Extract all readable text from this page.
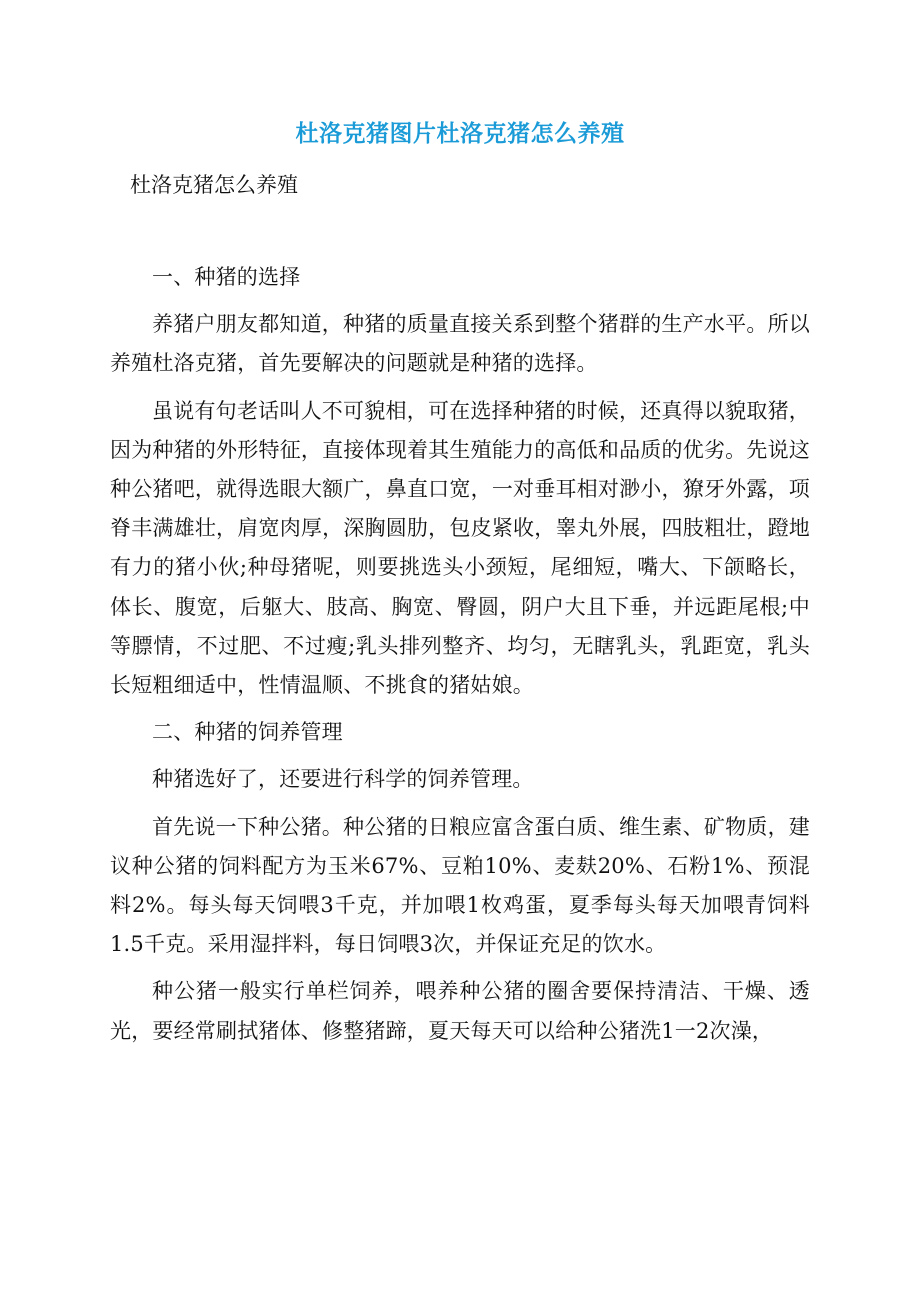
杜洛克猪图片杜洛克猪怎么养殖
杜洛克猪怎么养殖

一、种猪的选择

养猪户朋友都知道，种猪的质量直接关系到整个猪群的生产水平。所以养殖杜洛克猪，首先要解决的问题就是种猪的选择。

虽说有句老话叫人不可貌相，可在选择种猪的时候，还真得以貌取猪，因为种猪的外形特征，直接体现着其生殖能力的高低和品质的优劣。先说这种公猪吧，就得选眼大额广，鼻直口宽，一对垂耳相对渺小，獠牙外露，项脊丰满雄壮，肩宽肉厚，深胸圆肋，包皮紧收，睾丸外展，四肢粗壮，蹬地有力的猪小伙;种母猪呢，则要挑选头小颈短，尾细短，嘴大、下颌略长，体长、腹宽，后躯大、肢高、胸宽、臀圆，阴户大且下垂，并远距尾根;中等膘情，不过肥、不过瘦;乳头排列整齐、均匀，无瞎乳头，乳距宽，乳头长短粗细适中，性情温顺、不挑食的猪姑娘。

二、种猪的饲养管理

种猪选好了，还要进行科学的饲养管理。

首先说一下种公猪。种公猪的日粮应富含蛋白质、维生素、矿物质，建议种公猪的饲料配方为玉米67%、豆粕10%、麦麸20%、石粉1%、预混料2%。每头每天饲喂3千克，并加喂1枚鸡蛋，夏季每头每天加喂青饲料1.5千克。采用湿拌料，每日饲喂3次，并保证充足的饮水。

种公猪一般实行单栏饲养，喂养种公猪的圈舍要保持清洁、干燥、透光，要经常刷拭猪体、修整猪蹄，夏天每天可以给种公猪洗1一2次澡，
